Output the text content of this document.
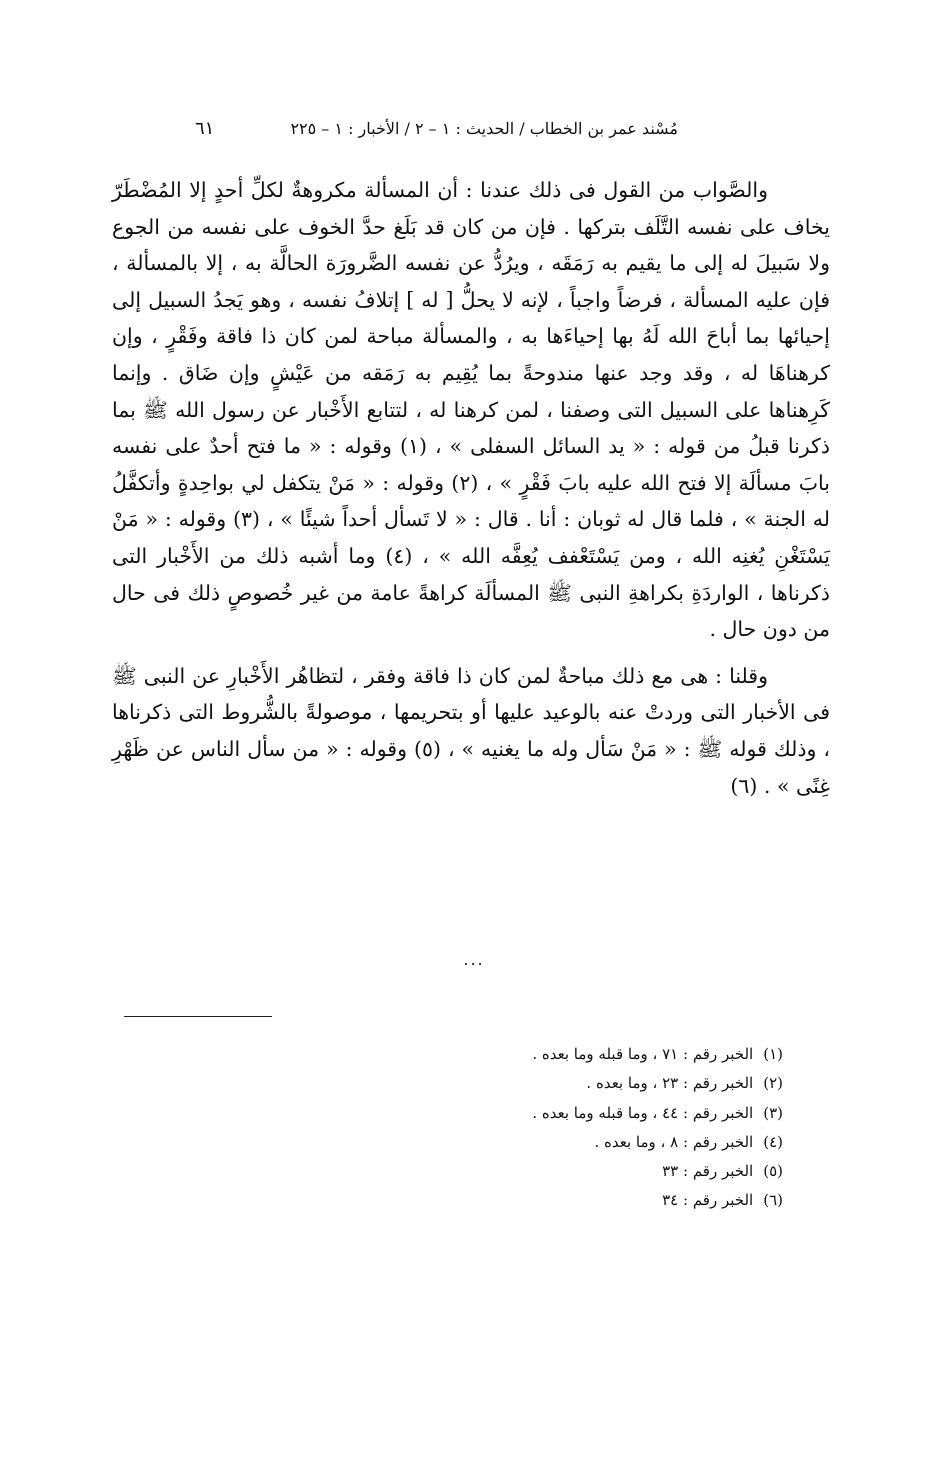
مُسْند عمر بن الخطاب / الحديث : ١ – ٢ / الأخبار : ١ – ٢٢٥
٦١

والصَّواب من القول فى ذلك عندنا : أن المسألة مكروهةٌ لكلِّ أحدٍ إلا المُضْطَرّ يخاف على نفسه التَّلَف بتركها . فإن من كان قد بَلَغ حدَّ الخوف على نفسه من الجوع ولا سَبيلَ له إلى ما يقيم به رَمَقَه ، ويرُدُّ عن نفسه الضَّرورَة الحالَّة به ، إلا بالمسألة ، فإن عليه المسألة ، فرضاً واجباً ، لإنه لا يحلُّ [ له ] إتلافُ نفسه ، وهو يَجدُ السبيل إلى إحيائها بما أباحَ الله لَهُ بها إحياءَها به ، والمسألة مباحة لمن كان ذا فاقة وفَقْرٍ ، وإن كرهناهَا له ، وقد وجد عنها مندوحةً بما يُقِيم به رَمَقه من عَيْشٍ وإن ضَاق . وإنما كَرِهناها على السبيل التى وصفنا ، لمن كرهنا له ، لتتابع الأَخْبار عن رسول الله ﷺ بما ذكرنا قبلُ من قوله : « يد السائل السفلى » ، (١) وقوله : « ما فتح أحدٌ على نفسه بابَ مسألَة إلا فتح الله عليه بابَ فَقْرٍ » ، (٢) وقوله : « مَنْ يتكفل لي بواحِدةٍ وأتكفَّلُ له الجنة » ، فلما قال له ثوبان : أنا . قال : « لا تَسأل أحداً شيئًا » ، (٣) وقوله : « مَنْ يَسْتَغْنِ يُغنِه الله ، ومن يَسْتَعْفف يُعِفَّه الله » ، (٤) وما أشبه ذلك من الأَخْبار التى ذكرناها ، الواردَةِ بكراهةِ النبى ﷺ المسألَة كراهةً عامة من غير خُصوصٍ ذلك فى حال من دون حال .

وقلنا : هى مع ذلك مباحةٌ لمن كان ذا فاقة وفقر ، لتظاهُر الأَخْبارِ عن النبى ﷺ فى الأخبار التى وردتْ عنه بالوعيد عليها أو بتحريمها ، موصولةً بالشُّروط التى ذكرناها ، وذلك قوله ﷺ : « مَنْ سَأل وله ما يغنيه » ، (٥) وقوله : « من سأل الناس عن ظَهْرِ غِنًى » . (٦)

...
(١)الخبر رقم : ٧١ ، وما قبله وما بعده .
(٢)الخبر رقم : ٢٣ ، وما بعده .
(٣)الخبر رقم : ٤٤ ، وما قبله وما بعده .
(٤)الخبر رقم : ٨ ، وما بعده .
(٥)الخبر رقم : ٣٣
(٦)الخبر رقم : ٣٤
